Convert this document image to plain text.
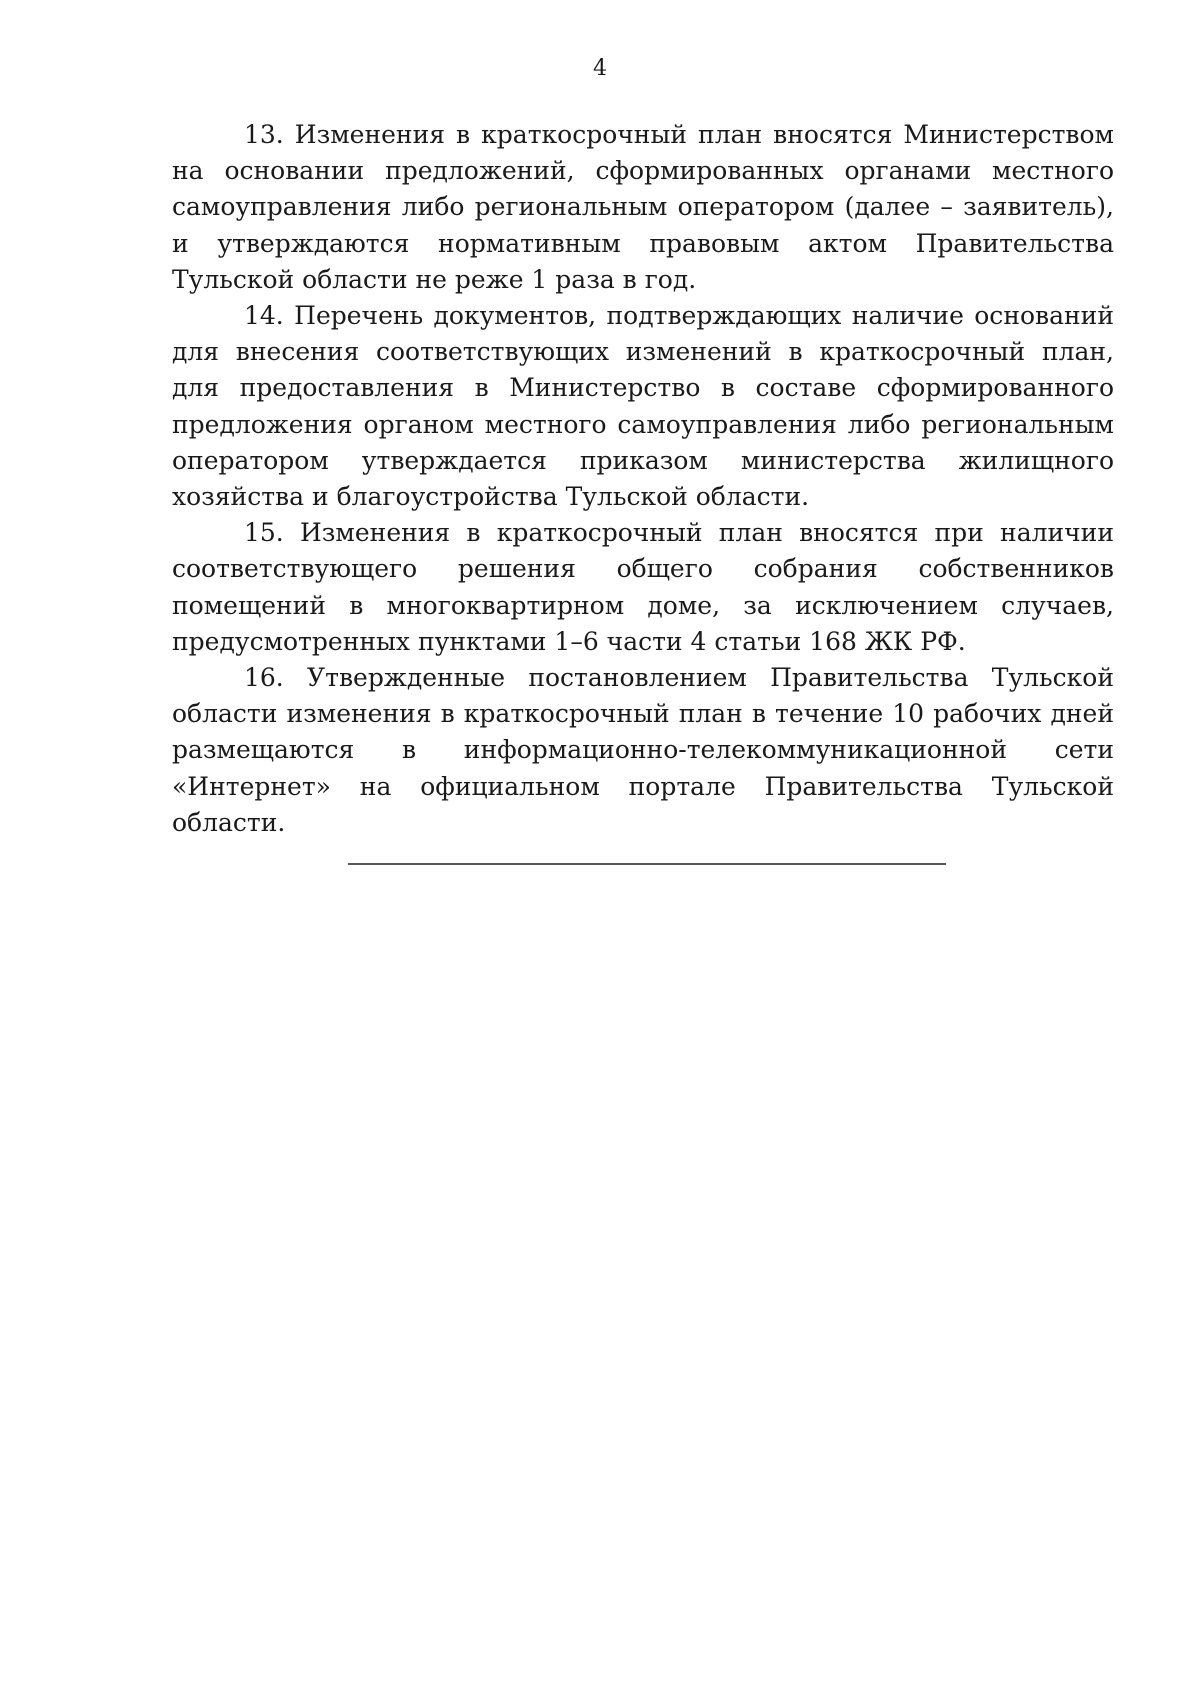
4

13. Изменения в краткосрочный план вносятся Министерством на основании предложений, сформированных органами местного самоуправления либо региональным оператором (далее – заявитель), и утверждаются нормативным правовым актом Правительства Тульской области не реже 1 раза в год.

14. Перечень документов, подтверждающих наличие оснований для внесения соответствующих изменений в краткосрочный план, для предоставления в Министерство в составе сформированного предложения органом местного самоуправления либо региональным оператором утверждается приказом министерства жилищного хозяйства и благоустройства Тульской области.

15. Изменения в краткосрочный план вносятся при наличии соответствующего решения общего собрания собственников помещений в многоквартирном доме, за исключением случаев, предусмотренных пунктами 1–6 части 4 статьи 168 ЖК РФ.

16. Утвержденные постановлением Правительства Тульской области изменения в краткосрочный план в течение 10 рабочих дней размещаются в информационно-телекоммуникационной сети «Интернет» на официальном портале Правительства Тульской области.
